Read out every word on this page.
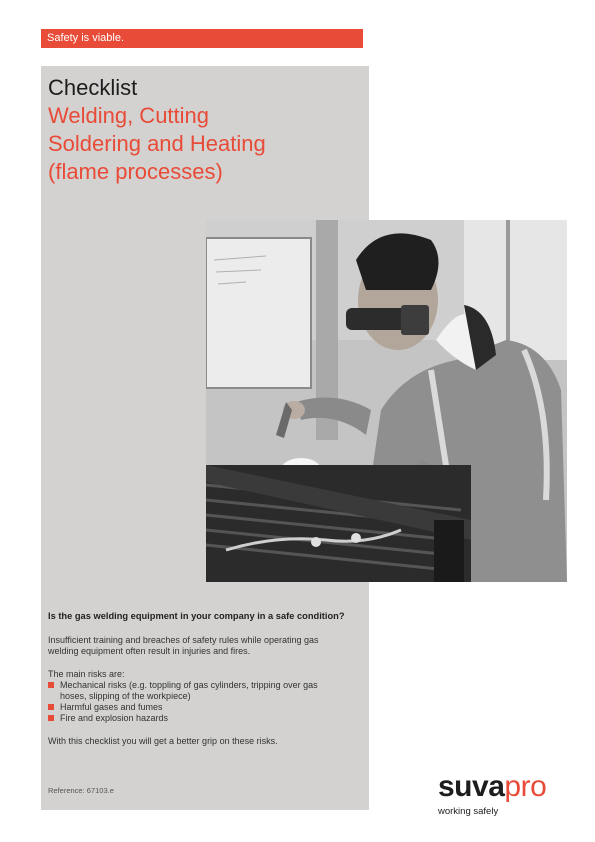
Safety is viable.

Checklist

Welding, Cutting

Soldering and Heating

(flame processes)

Is the gas welding equipment in your company in a safe condition?

Insufficient training and breaches of safety rules while operating gas
welding equipment often result in injuries and fires.

The main risks are:

Mechanical risks (e.g. toppling of gas cylinders, tripping over gas
hoses, slipping of the workpiece)
Harmful gases and fumes
Fire and explosion hazards

With this checklist you will get a better grip on these risks.

Reference: 67103.e	suvapro
working safely
